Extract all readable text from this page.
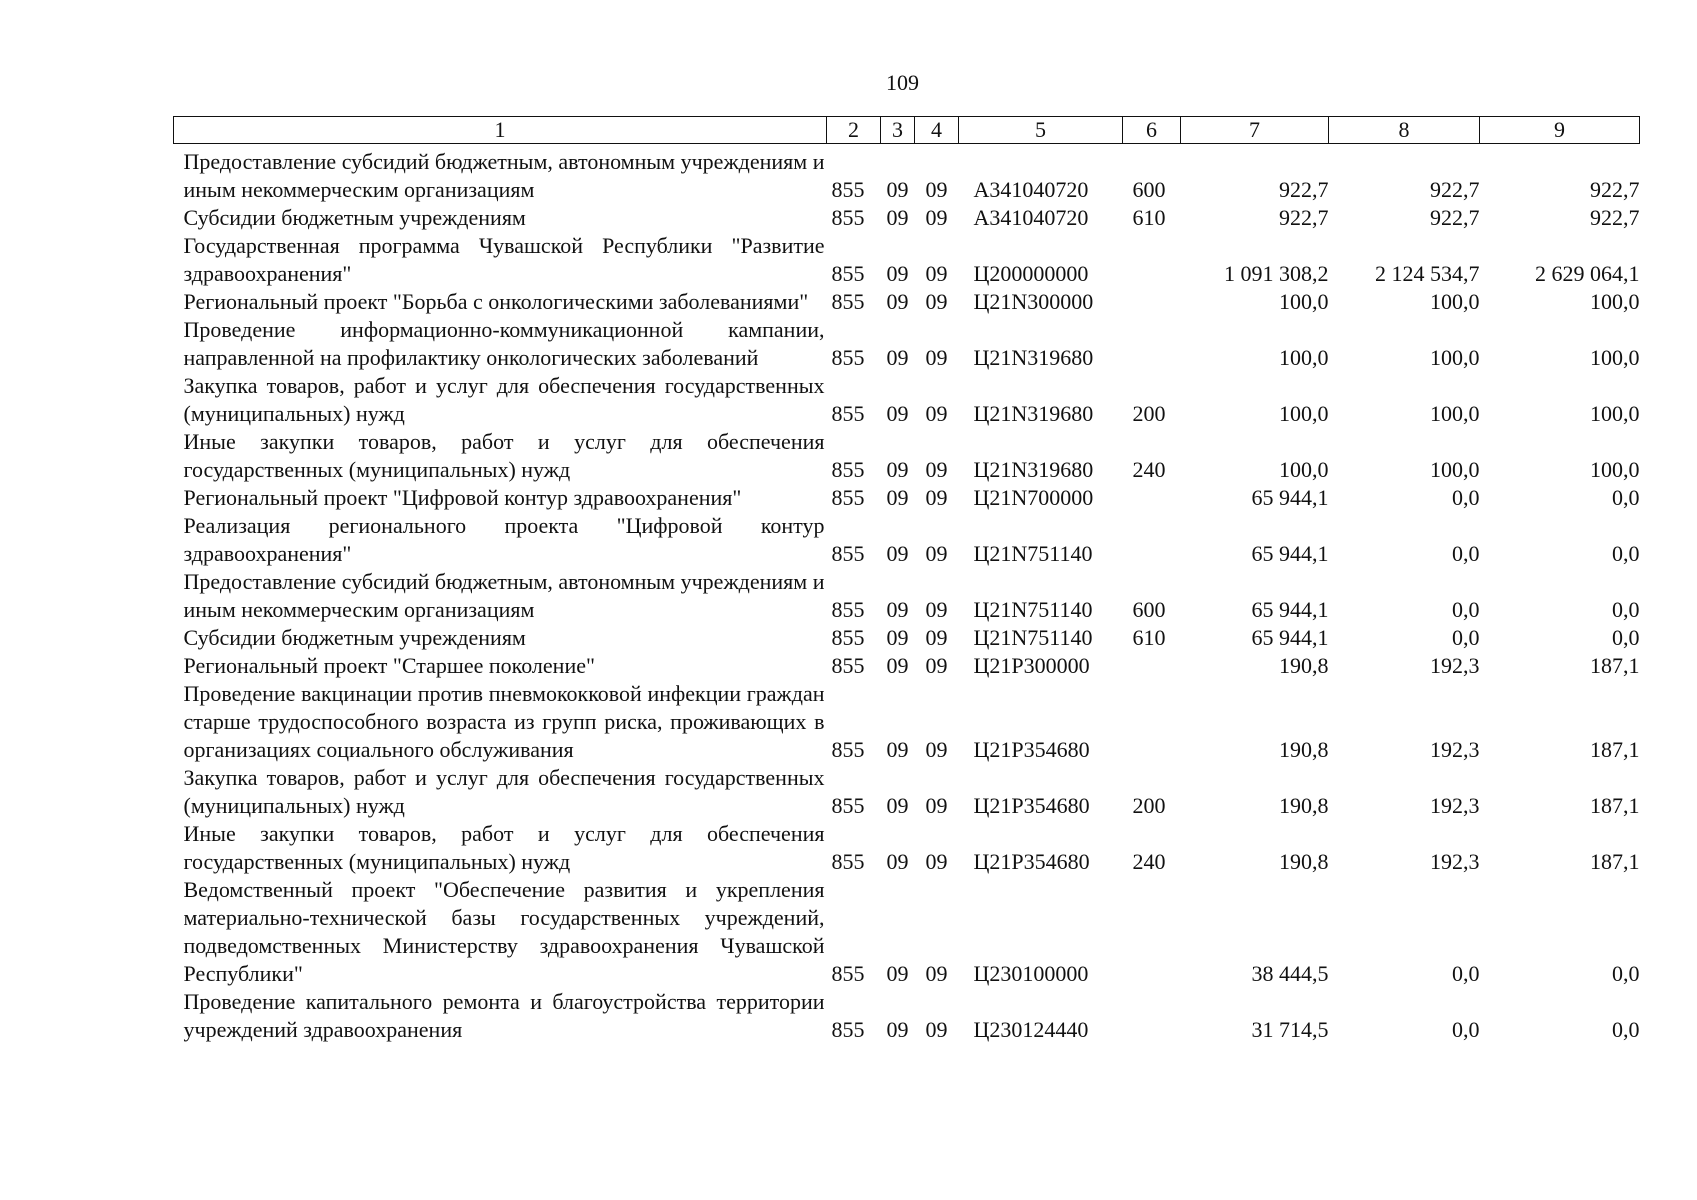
109
1	2	3	4	5	6	7	8	9
Предоставление субсидий бюджетным, автономным учреждениям и иным некоммерческим организациям	855	09	09	А341040720	600	922,7	922,7	922,7
Субсидии бюджетным учреждениям	855	09	09	А341040720	610	922,7	922,7	922,7
Государственная программа Чувашской Республики "Развитие здравоохранения"	855	09	09	Ц200000000		1 091 308,2	2 124 534,7	2 629 064,1
Региональный проект "Борьба с онкологическими заболеваниями"	855	09	09	Ц21N300000		100,0	100,0	100,0
Проведение информационно-коммуникационной кампании, направленной на профилактику онкологических заболеваний	855	09	09	Ц21N319680		100,0	100,0	100,0
Закупка товаров, работ и услуг для обеспечения государственных (муниципальных) нужд	855	09	09	Ц21N319680	200	100,0	100,0	100,0
Иные закупки товаров, работ и услуг для обеспечения государственных (муниципальных) нужд	855	09	09	Ц21N319680	240	100,0	100,0	100,0
Региональный проект "Цифровой контур здравоохранения"	855	09	09	Ц21N700000		65 944,1	0,0	0,0
Реализация регионального проекта "Цифровой контур здравоохранения"	855	09	09	Ц21N751140		65 944,1	0,0	0,0
Предоставление субсидий бюджетным, автономным учреждениям и иным некоммерческим организациям	855	09	09	Ц21N751140	600	65 944,1	0,0	0,0
Субсидии бюджетным учреждениям	855	09	09	Ц21N751140	610	65 944,1	0,0	0,0
Региональный проект "Старшее поколение"	855	09	09	Ц21P300000		190,8	192,3	187,1
Проведение вакцинации против пневмококковой инфекции граждан старше трудоспособного возраста из групп риска, проживающих в организациях социального обслуживания	855	09	09	Ц21P354680		190,8	192,3	187,1
Закупка товаров, работ и услуг для обеспечения государственных (муниципальных) нужд	855	09	09	Ц21P354680	200	190,8	192,3	187,1
Иные закупки товаров, работ и услуг для обеспечения государственных (муниципальных) нужд	855	09	09	Ц21P354680	240	190,8	192,3	187,1
Ведомственный проект "Обеспечение развития и укрепления материально-технической базы государственных учреждений, подведомственных Министерству здравоохранения Чувашской Республики"	855	09	09	Ц230100000		38 444,5	0,0	0,0
Проведение капитального ремонта и благоустройства территории учреждений здравоохранения	855	09	09	Ц230124440		31 714,5	0,0	0,0
